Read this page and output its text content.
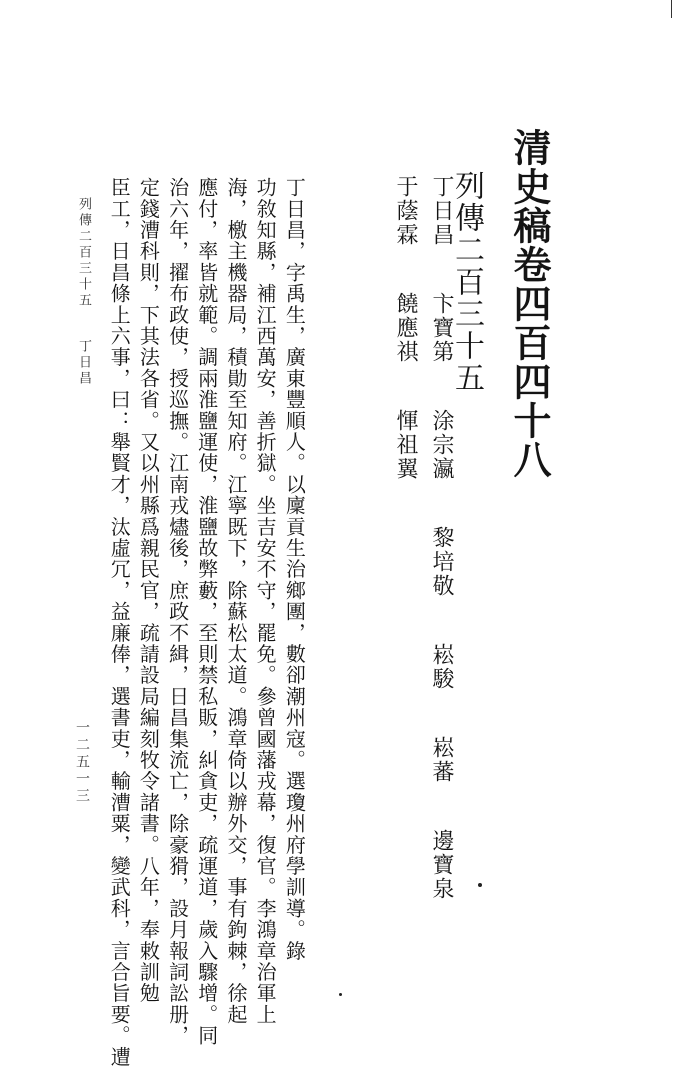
清史稿卷四百四十八
列傳二百三十五
丁日昌 卞寶第 涂宗瀛 黎培敬 崧駿 崧蕃 邊寶泉
于蔭霖 饒應祺 惲祖翼
丁日昌，字禹生，廣東豐順人。以廩貢生治鄉團，數卻潮州寇。選瓊州府學訓導。錄
功敘知縣，補江西萬安，善折獄。坐吉安不守，罷免。參曾國藩戎幕，復官。李鴻章治軍上
海，檄主機器局，積勛至知府。江寧既下，除蘇松太道。鴻章倚以辦外交，事有鉤棘，徐起
應付，率皆就範。調兩淮鹽運使，淮鹽故弊藪，至則禁私販，糾貪吏，疏運道，歲入驟增。同
治六年，擢布政使，授巡撫。江南戎燼後，庶政不緝，日昌集流亡，除豪猾，設月報詞訟册，
定錢漕科則，下其法各省。又以州縣爲親民官，疏請設局編刻牧令諸書。八年，奉敕訓勉
臣工，日昌條上六事，曰：舉賢才，汰虛冗，益廉俸，選書吏，輸漕粟，變武科，言合旨要。遭
列傳二百三十五丁日昌
一二五一三
